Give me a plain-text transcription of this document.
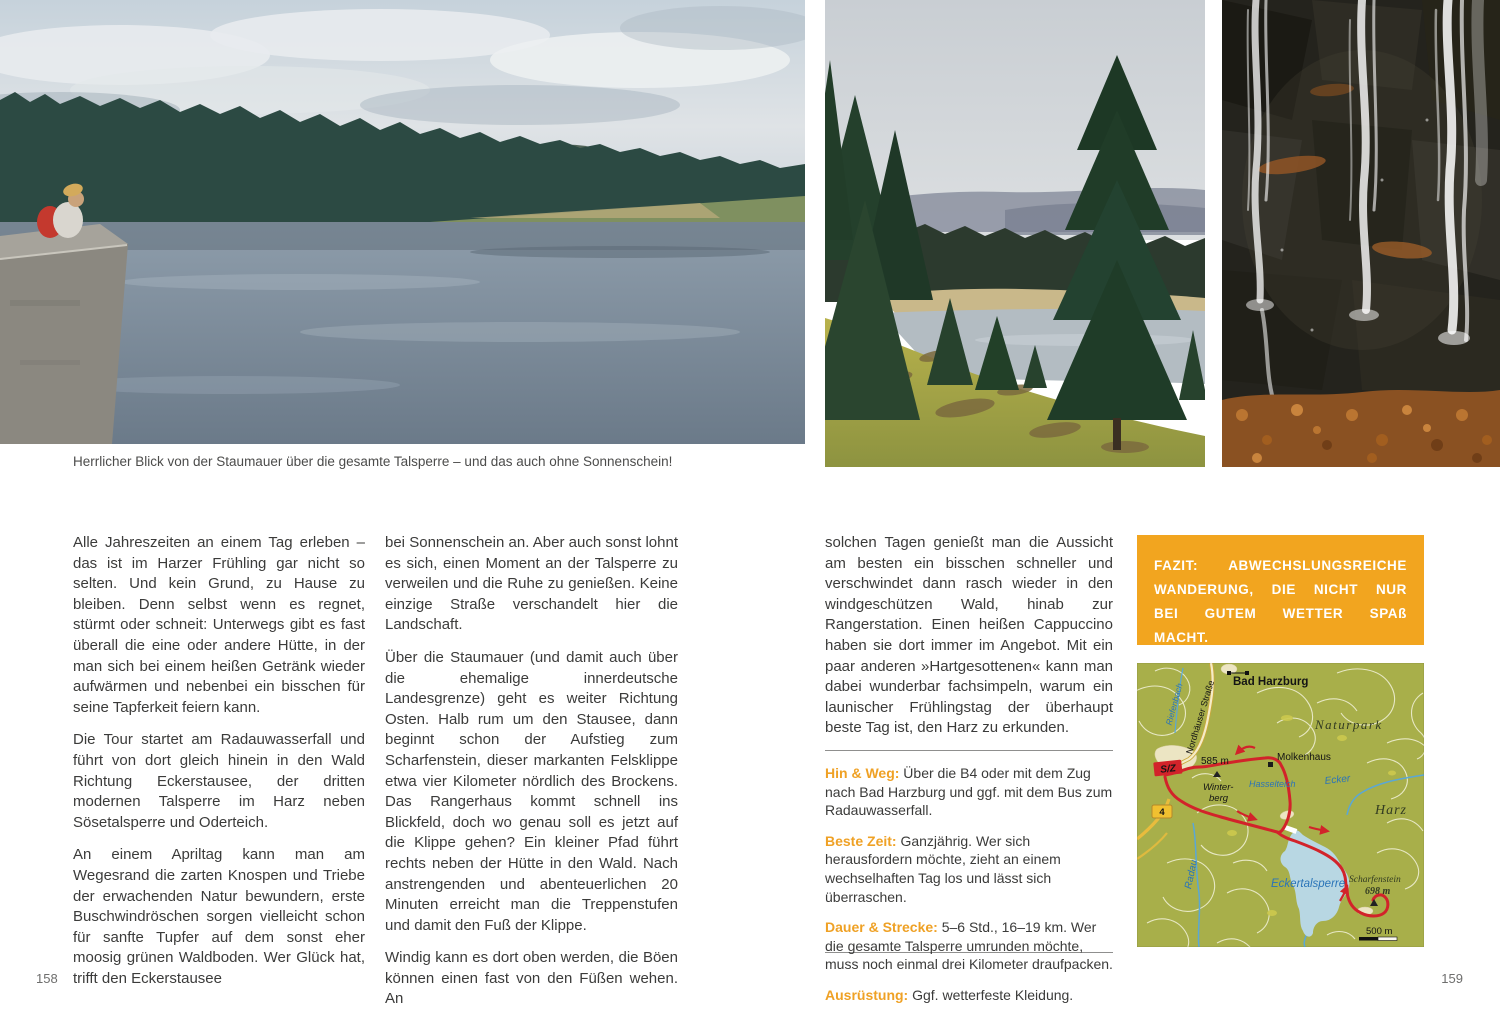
Herrlicher Blick von der Staumauer über die gesamte Talsperre – und das auch ohne Sonnenschein!

Alle Jahreszeiten an einem Tag erleben – das ist im Harzer Frühling gar nicht so selten. Und kein Grund, zu Hause zu bleiben. Denn selbst wenn es regnet, stürmt oder schneit: Unterwegs gibt es fast überall die eine oder andere Hütte, in der man sich bei einem heißen Getränk wieder aufwärmen und nebenbei ein bisschen für seine Tapferkeit feiern kann.

Die Tour startet am Radauwasserfall und führt von dort gleich hinein in den Wald Richtung Eckerstausee, der dritten modernen Talsperre im Harz neben Sösetalsperre und Oderteich.

An einem Apriltag kann man am Wegesrand die zarten Knospen und Triebe der erwachenden Natur bewundern, erste Buschwindröschen sorgen vielleicht schon für sanfte Tupfer auf dem sonst eher moosig grünen Waldboden. Wer Glück hat, trifft den Eckerstausee

bei Sonnenschein an. Aber auch sonst lohnt es sich, einen Moment an der Talsperre zu verweilen und die Ruhe zu genießen. Keine einzige Straße verschandelt hier die Landschaft.

Über die Staumauer (und damit auch über die ehemalige innerdeutsche Landesgrenze) geht es weiter Richtung Osten. Halb rum um den Stausee, dann beginnt schon der Aufstieg zum Scharfenstein, dieser markanten Felsklippe etwa vier Kilometer nördlich des Brockens. Das Rangerhaus kommt schnell ins Blickfeld, doch wo genau soll es jetzt auf die Klippe gehen? Ein kleiner Pfad führt rechts neben der Hütte in den Wald. Nach anstrengenden und abenteuerlichen 20 Minuten erreicht man die Treppenstufen und damit den Fuß der Klippe.

Windig kann es dort oben werden, die Böen können einen fast von den Füßen wehen. An

solchen Tagen genießt man die Aussicht am besten ein bisschen schneller und verschwindet dann rasch wieder in den windgeschützen Wald, hinab zur Rangerstation. Einen heißen Cappuccino haben sie dort immer im Angebot. Mit ein paar anderen »Hartgesottenen« kann man dabei wunderbar fachsimpeln, warum ein launischer Frühlingstag der überhaupt beste Tag ist, den Harz zu erkunden.

FAZIT: ABWECHSLUNGSREICHE WANDERUNG, DIE NICHT NUR BEI GUTEM WETTER SPAß MACHT.

Hin & Weg: Über die B4 oder mit dem Zug nach Bad Harzburg und ggf. mit dem Bus zum Radauwasserfall.
Beste Zeit: Ganzjährig. Wer sich herausfordern möchte, zieht an einem wechselhaften Tag los und lässt sich überraschen.
Dauer & Strecke: 5–6 Std., 16–19 km. Wer die gesamte Talsperre umrunden möchte, muss noch einmal drei Kilometer draufpacken.
Ausrüstung: Ggf. wetterfeste Kleidung.
S/Z
4
Bad Harzburg
Naturpark
Harz
Riefenbach Nordhäuser Straße
585 m	Molkenhaus
Hasselteich
Winter-
berg
Ecker
Radau	Eckertalsperre Scharfenstein
698 m
500 m
158	159
